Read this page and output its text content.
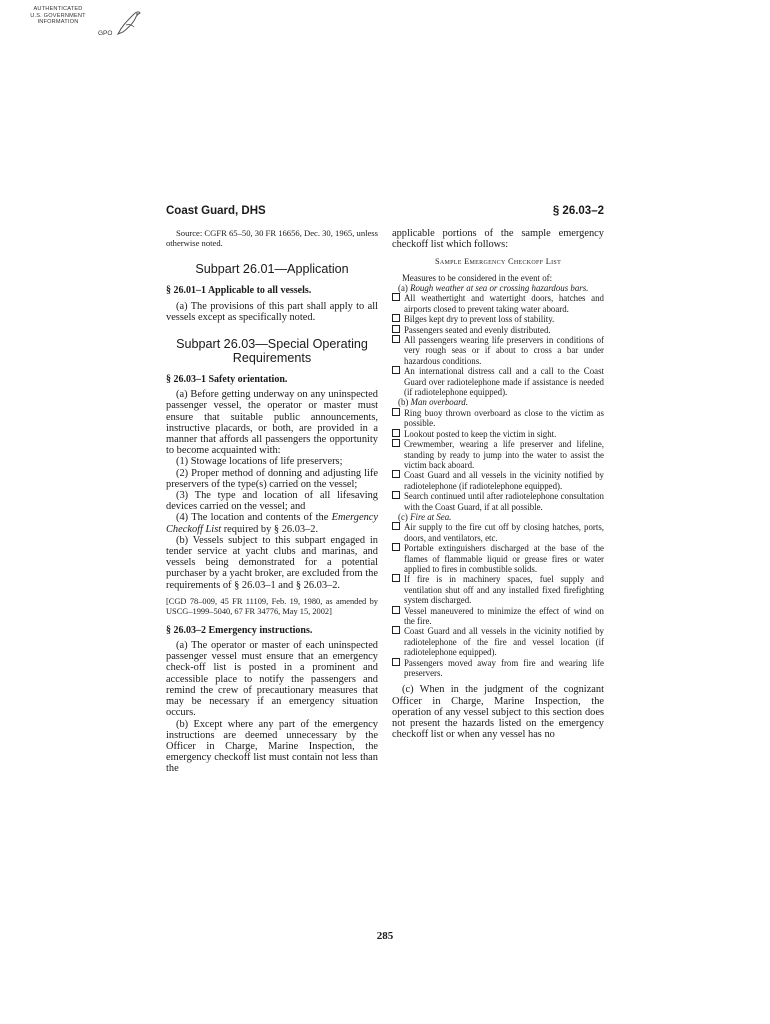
AUTHENTICATED
U.S. GOVERNMENT
INFORMATION
GPO
Coast Guard, DHS	§ 26.03–2

Source: CGFR 65–50, 30 FR 16656, Dec. 30, 1965, unless otherwise noted.

Subpart 26.01—Application
§ 26.01–1 Applicable to all vessels.

(a) The provisions of this part shall apply to all vessels except as specifically noted.

Subpart 26.03—Special Operating Requirements
§ 26.03–1 Safety orientation.

(a) Before getting underway on any uninspected passenger vessel, the operator or master must ensure that suitable public announcements, instructive placards, or both, are provided in a manner that affords all passengers the opportunity to become acquainted with:

(1) Stowage locations of life preservers;

(2) Proper method of donning and adjusting life preservers of the type(s) carried on the vessel;

(3) The type and location of all lifesaving devices carried on the vessel; and

(4) The location and contents of the Emergency Checkoff List required by § 26.03–2.

(b) Vessels subject to this subpart engaged in tender service at yacht clubs and marinas, and vessels being demonstrated for a potential purchaser by a yacht broker, are excluded from the requirements of § 26.03–1 and § 26.03–2.

[CGD 78–009, 45 FR 11109, Feb. 19, 1980, as amended by USCG–1999–5040, 67 FR 34776, May 15, 2002]

§ 26.03–2 Emergency instructions.

(a) The operator or master of each uninspected passenger vessel must ensure that an emergency check-off list is posted in a prominent and accessible place to notify the passengers and remind the crew of precautionary measures that may be necessary if an emergency situation occurs.

(b) Except where any part of the emergency instructions are deemed unnecessary by the Officer in Charge, Marine Inspection, the emergency checkoff list must contain not less than the

applicable portions of the sample emergency checkoff list which follows:

Sample Emergency Checkoff List

Measures to be considered in the event of:

(a) Rough weather at sea or crossing hazardous bars.

All weathertight and watertight doors, hatches and airports closed to prevent taking water aboard.

Bilges kept dry to prevent loss of stability.

Passengers seated and evenly distributed.

All passengers wearing life preservers in conditions of very rough seas or if about to cross a bar under hazardous conditions.

An international distress call and a call to the Coast Guard over radiotelephone made if assistance is needed (if radiotelephone equipped).

(b) Man overboard.

Ring buoy thrown overboard as close to the victim as possible.

Lookout posted to keep the victim in sight.

Crewmember, wearing a life preserver and lifeline, standing by ready to jump into the water to assist the victim back aboard.

Coast Guard and all vessels in the vicinity notified by radiotelephone (if radiotelephone equipped).

Search continued until after radiotelephone consultation with the Coast Guard, if at all possible.

(c) Fire at Sea.

Air supply to the fire cut off by closing hatches, ports, doors, and ventilators, etc.

Portable extinguishers discharged at the base of the flames of flammable liquid or grease fires or water applied to fires in combustible solids.

If fire is in machinery spaces, fuel supply and ventilation shut off and any installed fixed firefighting system discharged.

Vessel maneuvered to minimize the effect of wind on the fire.

Coast Guard and all vessels in the vicinity notified by radiotelephone of the fire and vessel location (if radiotelephone equipped).

Passengers moved away from fire and wearing life preservers.

(c) When in the judgment of the cognizant Officer in Charge, Marine Inspection, the operation of any vessel subject to this section does not present the hazards listed on the emergency checkoff list or when any vessel has no

285
